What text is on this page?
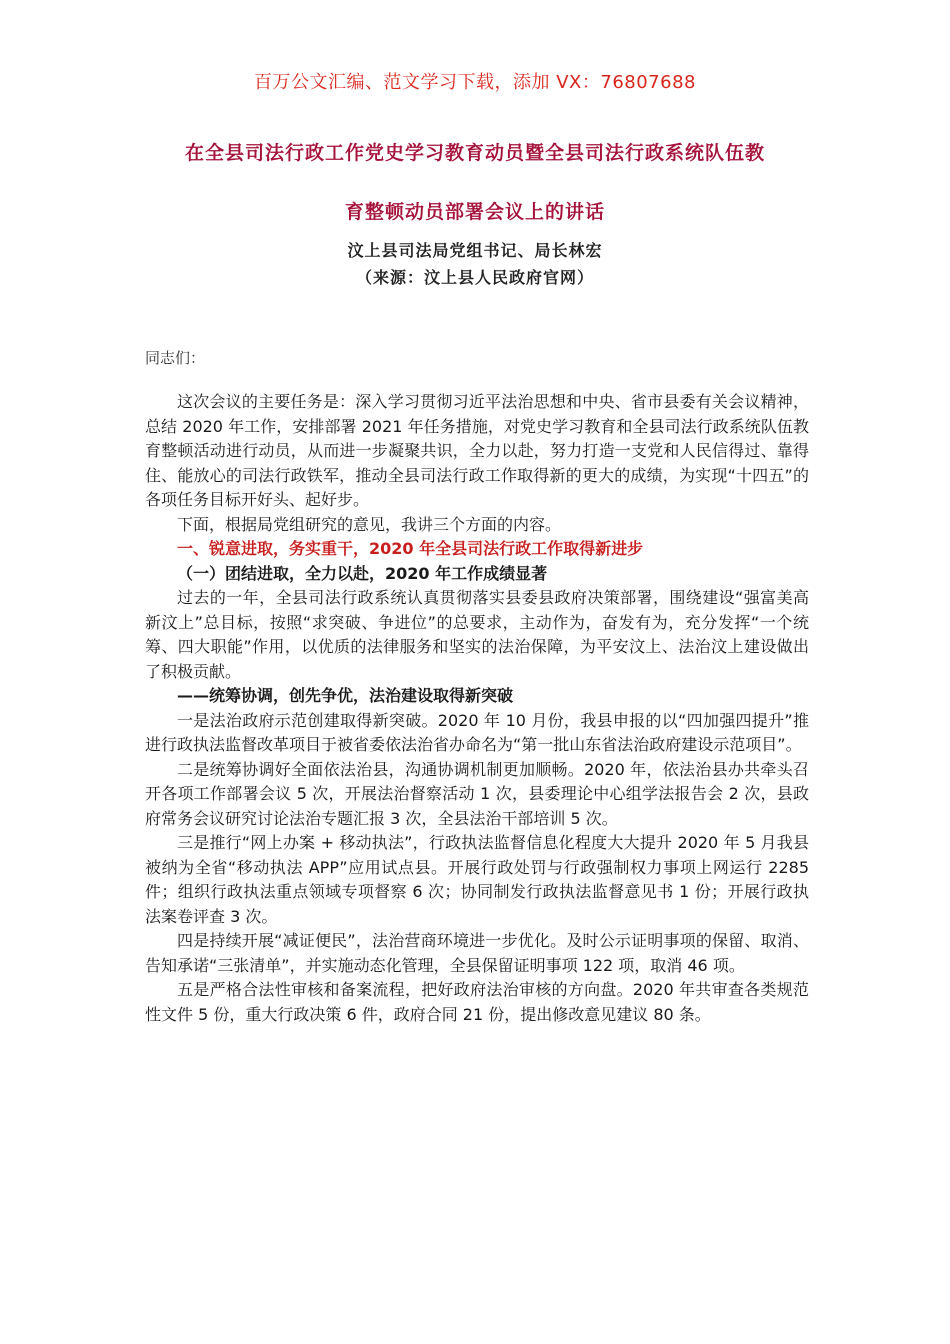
百万公文汇编、范文学习下载，添加 VX：76807688
在全县司法行政工作党史学习教育动员暨全县司法行政系统队伍教
育整顿动员部署会议上的讲话
汶上县司法局党组书记、局长林宏
（来源：汶上县人民政府官网）
同志们：

这次会议的主要任务是：深入学习贯彻习近平法治思想和中央、省市县委有关会议精神，总结 2020 年工作，安排部署 2021 年任务措施，对党史学习教育和全县司法行政系统队伍教育整顿活动进行动员，从而进一步凝聚共识，全力以赴，努力打造一支党和人民信得过、靠得住、能放心的司法行政铁军，推动全县司法行政工作取得新的更大的成绩，为实现“十四五”的各项任务目标开好头、起好步。

下面，根据局党组研究的意见，我讲三个方面的内容。

一、锐意进取，务实重干，2020 年全县司法行政工作取得新进步

（一）团结进取，全力以赴，2020 年工作成绩显著

过去的一年，全县司法行政系统认真贯彻落实县委县政府决策部署，围绕建设“强富美高新汶上”总目标，按照“求突破、争进位”的总要求，主动作为，奋发有为，充分发挥“一个统筹、四大职能”作用，以优质的法律服务和坚实的法治保障，为平安汶上、法治汶上建设做出了积极贡献。

——统筹协调，创先争优，法治建设取得新突破

一是法治政府示范创建取得新突破。2020 年 10 月份，我县申报的以“四加强四提升”推进行政执法监督改革项目于被省委依法治省办命名为“第一批山东省法治政府建设示范项目”。

二是统筹协调好全面依法治县，沟通协调机制更加顺畅。2020 年，依法治县办共牵头召开各项工作部署会议 5 次，开展法治督察活动 1 次，县委理论中心组学法报告会 2 次，县政府常务会议研究讨论法治专题汇报 3 次，全县法治干部培训 5 次。

三是推行“网上办案 + 移动执法”，行政执法监督信息化程度大大提升 2020 年 5 月我县被纳为全省“移动执法 APP”应用试点县。开展行政处罚与行政强制权力事项上网运行 2285 件；组织行政执法重点领域专项督察 6 次；协同制发行政执法监督意见书 1 份；开展行政执法案卷评查 3 次。

四是持续开展“减证便民”，法治营商环境进一步优化。及时公示证明事项的保留、取消、告知承诺“三张清单”，并实施动态化管理，全县保留证明事项 122 项，取消 46 项。

五是严格合法性审核和备案流程，把好政府法治审核的方向盘。2020 年共审查各类规范性文件 5 份，重大行政决策 6 件，政府合同 21 份，提出修改意见建议 80 条。
